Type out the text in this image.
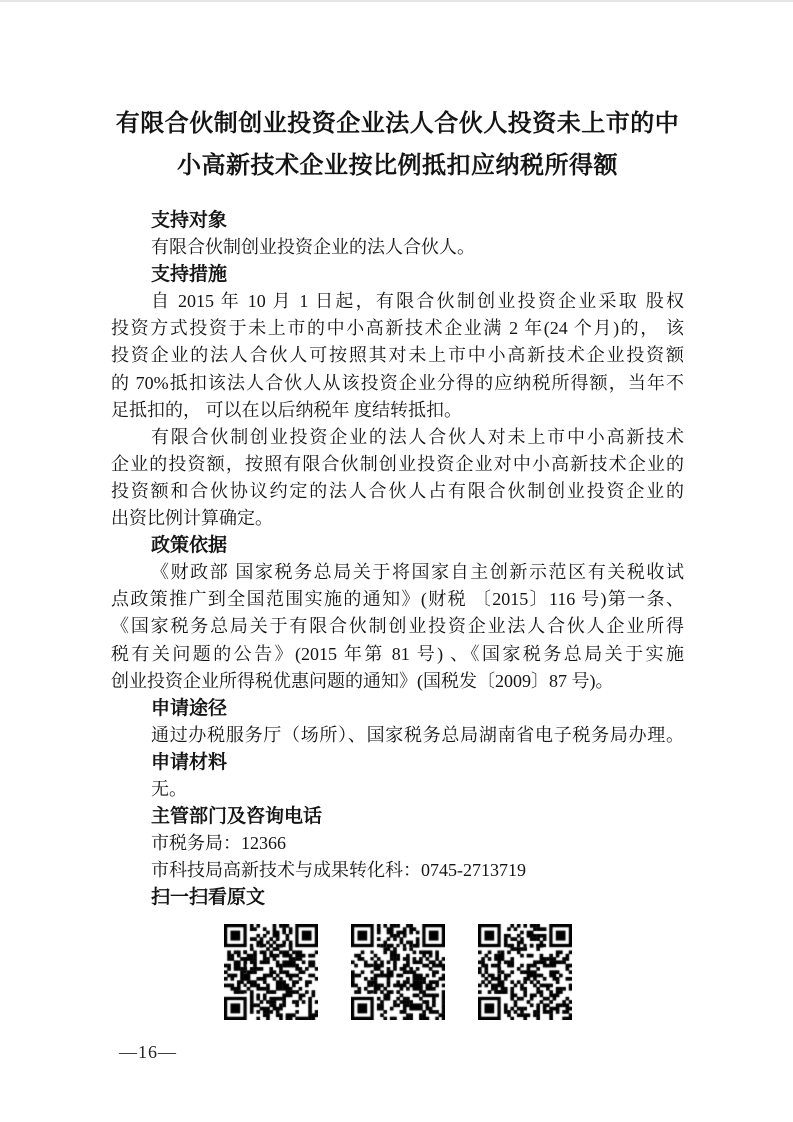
有限合伙制创业投资企业法人合伙人投资未上市的中
小高新技术企业按比例抵扣应纳税所得额
支持对象
有限合伙制创业投资企业的法人合伙人。
支持措施
自 2015 年 10 月 1 日起，有限合伙制创业投资企业采取 股权
投资方式投资于未上市的中小高新技术企业满 2 年(24 个月)的， 该
投资企业的法人合伙人可按照其对未上市中小高新技术企业投资额
的 70%抵扣该法人合伙人从该投资企业分得的应纳税所得额，当年不
足抵扣的， 可以在以后纳税年 度结转抵扣。
有限合伙制创业投资企业的法人合伙人对未上市中小高新技术
企业的投资额，按照有限合伙制创业投资企业对中小高新技术企业的
投资额和合伙协议约定的法人合伙人占有限合伙制创业投资企业的
出资比例计算确定。
政策依据
《财政部 国家税务总局关于将国家自主创新示范区有关税收试
点政策推广到全国范围实施的通知》(财税 〔2015〕116 号)第一条、
《国家税务总局关于有限合伙制创业投资企业法人合伙人企业所得
税有关问题的公告》(2015 年第 81 号) 、《国家税务总局关于实施
创业投资企业所得税优惠问题的通知》(国税发〔2009〕87 号)。
申请途径
通过办税服务厅（场所）、国家税务总局湖南省电子税务局办理。
申请材料
无。
主管部门及咨询电话
市税务局：12366
市科技局高新技术与成果转化科：0745-2713719
扫一扫看原文
—16—
